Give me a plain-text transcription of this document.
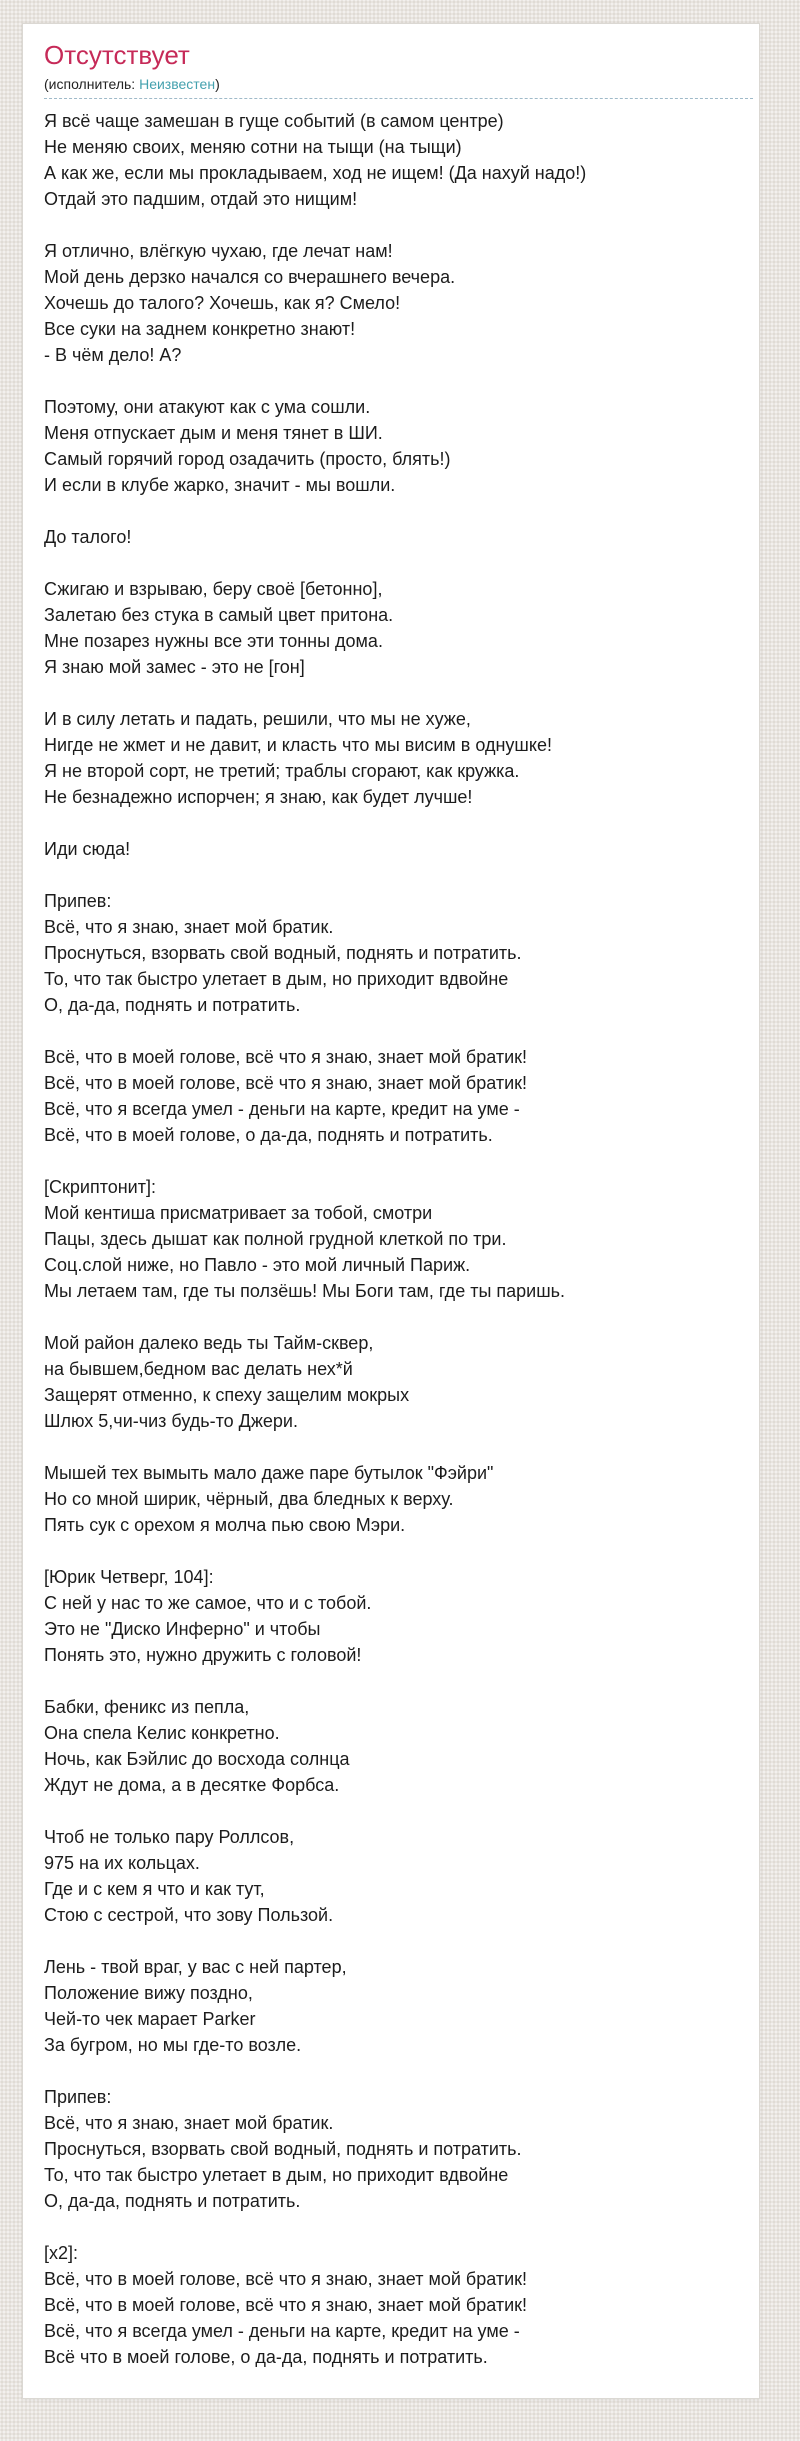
Отсутствует
(исполнитель: Неизвестен)

Я всё чаще замешан в гуще событий (в самом центре)
Не меняю своих, меняю сотни на тыщи (на тыщи)
А как же, если мы прокладываем, ход не ищем! (Да нахуй надо!)
Отдай это падшим, отдай это нищим!

Я отлично, влёгкую чухаю, где лечат нам!
Мой день дерзко начался со вчерашнего вечера.
Хочешь до талого? Хочешь, как я? Смело!
Все суки на заднем конкретно знают!
- В чём дело! А?

Поэтому, они атакуют как с ума сошли.
Меня отпускает дым и меня тянет в ШИ.
Самый горячий город озадачить (просто, блять!)
И если в клубе жарко, значит - мы вошли.

До талого!

Сжигаю и взрываю, беру своё [бетонно],
Залетаю без стука в самый цвет притона.
Мне позарез нужны все эти тонны дома.
Я знаю мой замес - это не [гон]

И в силу летать и падать, решили, что мы не хуже,
Нигде не жмет и не давит, и класть что мы висим в однушке!
Я не второй сорт, не третий; траблы сгорают, как кружка.
Не безнадежно испорчен; я знаю, как будет лучше!

Иди сюда!

Припев:
Всё, что я знаю, знает мой братик.
Проснуться, взорвать свой водный, поднять и потратить.
То, что так быстро улетает в дым, но приходит вдвойне
О, да-да, поднять и потратить.

Всё, что в моей голове, всё что я знаю, знает мой братик!
Всё, что в моей голове, всё что я знаю, знает мой братик!
Всё, что я всегда умел - деньги на карте, кредит на уме -
Всё, что в моей голове, о да-да, поднять и потратить.

[Скриптонит]:
Мой кентиша присматривает за тобой, смотри
Пацы, здесь дышат как полной грудной клеткой по три.
Соц.слой ниже, но Павло - это мой личный Париж.
Мы летаем там, где ты ползёшь! Мы Боги там, где ты паришь.

Мой район далеко ведь ты Тайм-сквер,
на бывшем,бедном вас делать нех*й
Защерят отменно, к спеху защелим мокрых
Шлюх 5,чи-чиз будь-то Джери.

Мышей тех вымыть мало даже паре бутылок "Фэйри"
Но со мной ширик, чёрный, два бледных к верху.
Пять сук с орехом я молча пью свою Мэри.

[Юрик Четверг, 104]:
С ней у нас то же самое, что и с тобой.
Это не "Диско Инферно" и чтобы
Понять это, нужно дружить с головой!

Бабки, феникс из пепла,
Она спела Келис конкретно.
Ночь, как Бэйлис до восхода солнца
Ждут не дома, а в десятке Форбса.

Чтоб не только пару Роллсов,
975 на их кольцах.
Где и с кем я что и как тут,
Стою с сестрой, что зову Пользой.

Лень - твой враг, у вас с ней партер,
Положение вижу поздно,
Чей-то чек марает Parker
За бугром, но мы где-то возле.

Припев:
Всё, что я знаю, знает мой братик.
Проснуться, взорвать свой водный, поднять и потратить.
То, что так быстро улетает в дым, но приходит вдвойне
О, да-да, поднять и потратить.

[x2]:
Всё, что в моей голове, всё что я знаю, знает мой братик!
Всё, что в моей голове, всё что я знаю, знает мой братик!
Всё, что я всегда умел - деньги на карте, кредит на уме -
Всё что в моей голове, о да-да, поднять и потратить.
